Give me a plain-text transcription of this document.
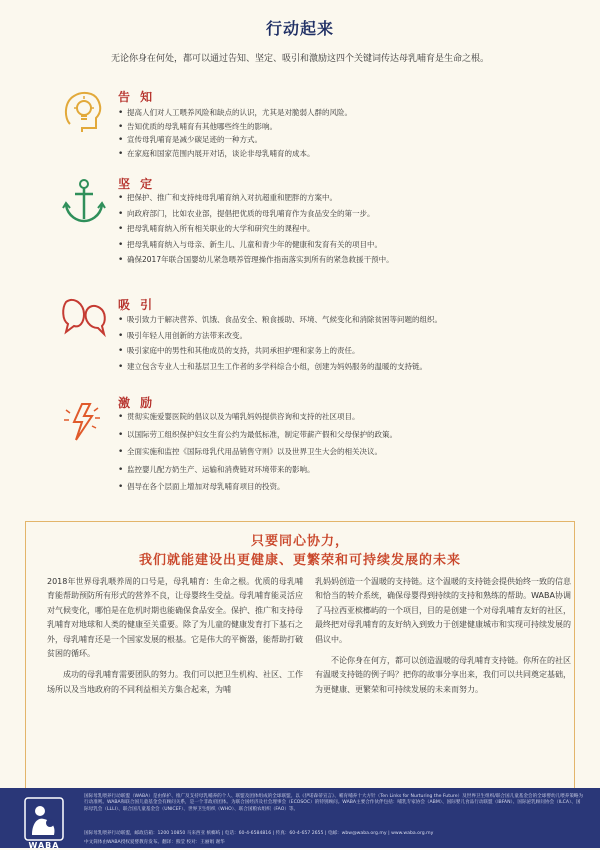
行动起来
无论你身在何处，都可以通过告知、坚定、吸引和激励这四个关键词传达母乳哺育是生命之根。
告 知
• 提高人们对人工喂养风险和缺点的认识，尤其是对脆弱人群的风险。
• 告知优质的母乳哺育有其他哪些终生的影响。
• 宣传母乳哺育是减少碳足迹的一种方式。
• 在家庭和国家范围内展开对话，谈论非母乳哺育的成本。
坚 定
• 把保护、推广和支持纯母乳哺育纳入对抗超重和肥胖的方案中。
• 向政府部门，比如农业部，提倡把优质的母乳哺育作为食品安全的第一步。
• 把母乳哺育纳入所有相关职业的大学和研究生的课程中。
• 把母乳哺育纳入与母亲、新生儿、儿童和青少年的健康和发育有关的项目中。
• 确保2017年联合国婴幼儿紧急喂养管理操作指南落实到所有的紧急救援干预中。
吸 引
• 吸引致力于解决营养、饥饿、食品安全、粮食援助、环境、气候变化和消除贫困等问题的组织。
• 吸引年轻人用创新的方法带来改变。
• 吸引家庭中的男性和其他成员的支持，共同承担护理和家务上的责任。
• 建立包含专业人士和基层卫生工作者的多学科综合小组，创建为妈妈服务的温暖的支持链。
激 励
• 贯彻实施爱婴医院的倡议以及为哺乳妈妈提供咨询和支持的社区项目。
• 以国际劳工组织保护妇女生育公约为最低标准，制定带薪产假和父母保护的政策。
• 全面实施和监控《国际母乳代用品销售守则》以及世界卫生大会的相关决议。
• 监控婴儿配方奶生产、运输和消费链对环境带来的影响。
• 倡导在各个层面上增加对母乳哺育项目的投资。
只要同心协力，
我们就能建设出更健康、更繁荣和可持续发展的未来

2018年世界母乳喂养周的口号是，母乳哺育：生命之根。优质的母乳哺育能帮助预防所有形式的营养不良，让母婴终生受益。母乳哺育能灵活应对气候变化，哪怕是在危机时期也能确保食品安全。保护、推广和支持母乳哺育对地球和人类的健康至关重要。除了为儿童的健康发育打下基石之外，母乳哺育还是一个国家发展的根基。它是伟大的平衡器，能帮助打破贫困的循环。

成功的母乳哺育需要团队的努力。我们可以把卫生机构、社区、工作场所以及当地政府的不同利益相关方集合起来，为哺

乳妈妈创造一个温暖的支持链。这个温暖的支持链会提供始终一致的信息和恰当的转介系统，确保母婴得到持续的支持和熟练的帮助。WABA协调了马拉西亚槟榔屿的一个项目，目的是创建一个对母乳哺育友好的社区，最终把对母乳哺育的友好纳入到致力于创建健康城市和实现可持续发展的倡议中。

不论你身在何方，都可以创造温暖的母乳哺育支持链。你所在的社区有温暖支持链的例子吗？把你的故事分享出来，我们可以共同奠定基础，为更健康、更繁荣和可持续发展的未来而努力。

WABA
国际母乳喂养行动联盟（WABA）是由保护、推广及支持母乳哺养的个人、联盟及团体组成的全球联盟。以《伊诺森蒂宣言》、哺育哺养十大方针（Ten Links for Nurturing the Future）及世界卫生组织/联合国儿童基金会的全球婴幼儿喂养策略为行动准则。WABA和联合国儿童基金会有顾问关系，是一个非政府团体。为联合国经济及社会理事会（ECOSOC）的特别顾问。WABA主要合作伙伴包括：哺乳专家协会（ABM）、国际婴儿食品行动联盟（IBFAN）、国际泌乳顾问协会（ILCA）、国际母乳会（LLLI）、联合国儿童基金会（UNICEF）、世界卫生组织（WHO）、联合国粮农组织（FAO）等。
国际母乳喂养行动联盟，邮政信箱：1200 10850 马来西亚 槟榔屿 | 电话：60-4-6584816 | 传真：60-4-657 2655 | 电邮：wbw@waba.org.my | www.waba.org.my
中文简体由WABA授权爱婴教育发布。翻译：熊莹 校对：王丽娟 谢华
